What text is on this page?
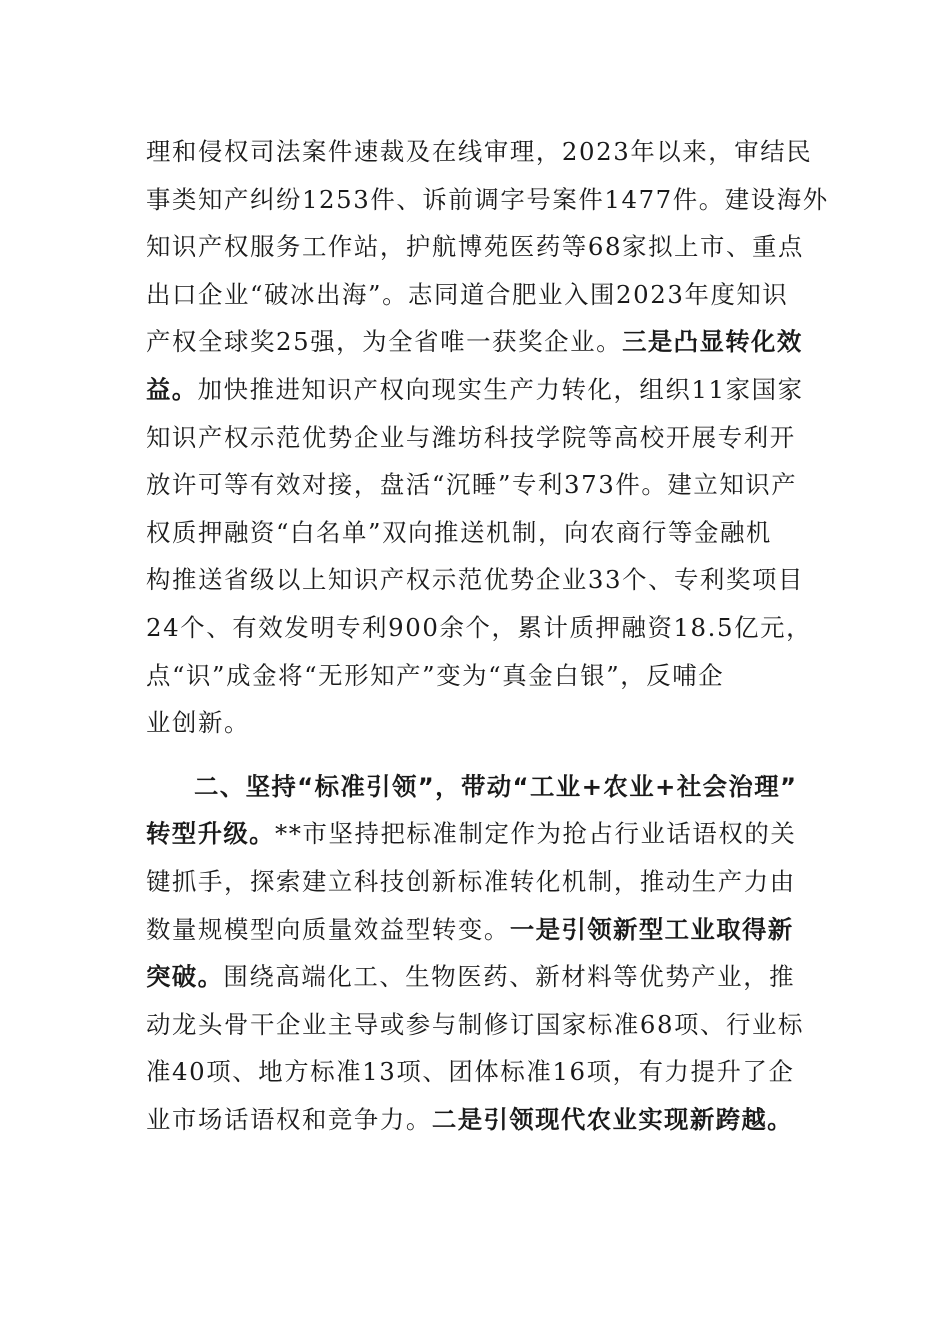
理和侵权司法案件速裁及在线审理，2023年以来，审结民
事类知产纠纷1253件、诉前调字号案件1477件。建设海外
知识产权服务工作站，护航博苑医药等68家拟上市、重点
出口企业“破冰出海”。志同道合肥业入围2023年度知识
产权全球奖25强，为全省唯一获奖企业。三是凸显转化效
益。加快推进知识产权向现实生产力转化，组织11家国家
知识产权示范优势企业与潍坊科技学院等高校开展专利开
放许可等有效对接，盘活“沉睡”专利373件。建立知识产
权质押融资“白名单”双向推送机制，向农商行等金融机
构推送省级以上知识产权示范优势企业33个、专利奖项目
24个、有效发明专利900余个，累计质押融资18.5亿元，
点“识”成金将“无形知产”变为“真金白银”，反哺企
业创新。
二、坚持“标准引领”，带动“工业+农业+社会治理”
转型升级。**市坚持把标准制定作为抢占行业话语权的关
键抓手，探索建立科技创新标准转化机制，推动生产力由
数量规模型向质量效益型转变。一是引领新型工业取得新
突破。围绕高端化工、生物医药、新材料等优势产业，推
动龙头骨干企业主导或参与制修订国家标准68项、行业标
准40项、地方标准13项、团体标准16项，有力提升了企
业市场话语权和竞争力。二是引领现代农业实现新跨越。
